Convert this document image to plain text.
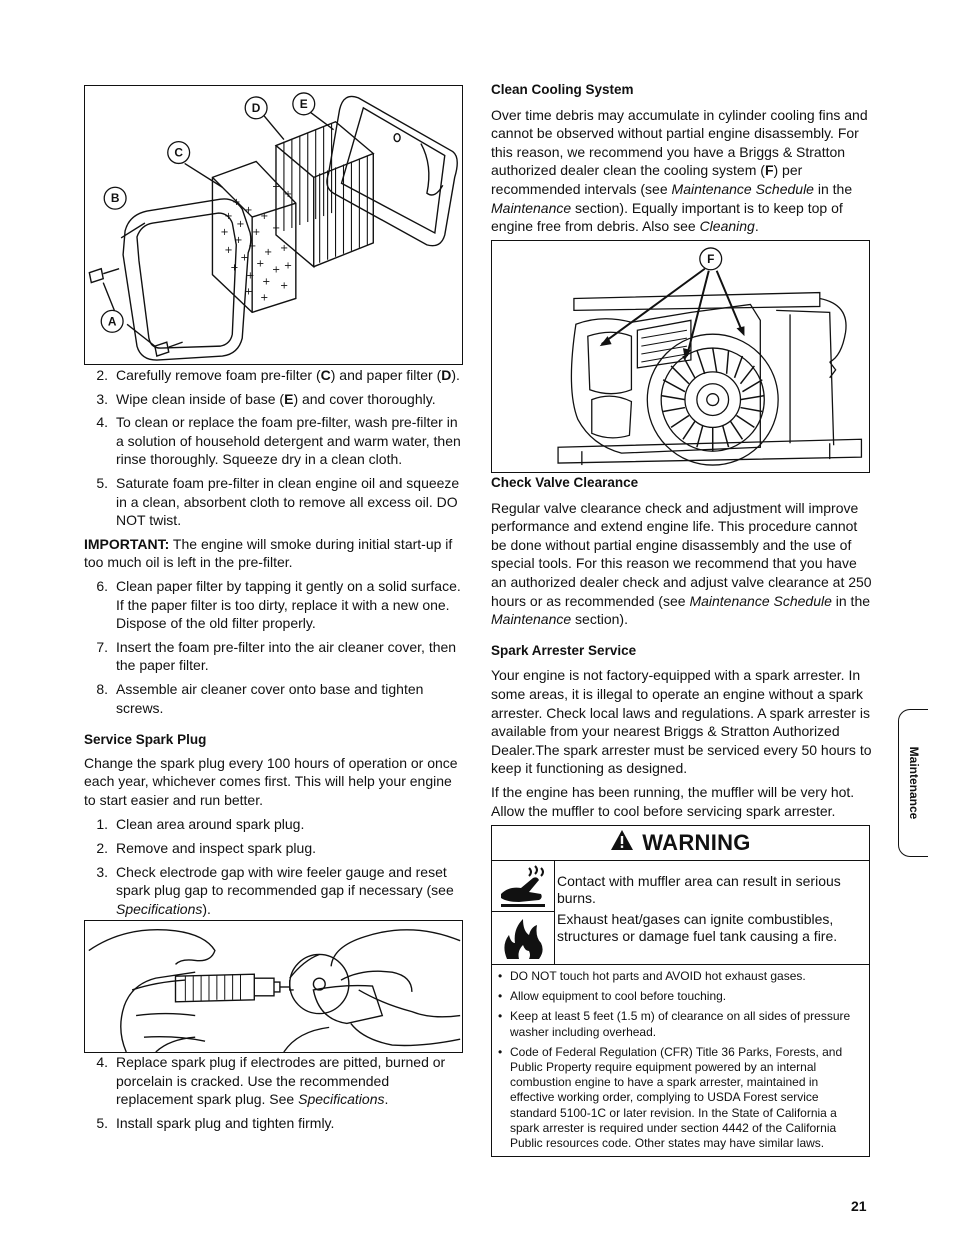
+
+
+
+
+
+ +
+
+
+
+ +
+
+
+
+ +
+
+
+ +
+
+
+
+
A
B
C
D	E
2. Carefully remove foam pre-filter (C) and paper filter (D).
3. Wipe clean inside of base (E) and cover thoroughly.
4. To clean or replace the foam pre-filter, wash pre-filter in a solution of household detergent and warm water, then rinse thoroughly. Squeeze dry in a clean cloth.
5. Saturate foam pre-filter in clean engine oil and squeeze in a clean, absorbent cloth to remove all excess oil. DO NOT twist.

IMPORTANT: The engine will smoke during initial start-up if too much oil is left in the pre-filter.

6. Clean paper filter by tapping it gently on a solid surface. If the paper filter is too dirty, replace it with a new one. Dispose of the old filter properly.
7. Insert the foam pre-filter into the air cleaner cover, then the paper filter.
8. Assemble air cleaner cover onto base and tighten screws.

Service Spark Plug

Change the spark plug every 100 hours of operation or once each year, whichever comes first. This will help your engine to start easier and run better.

1. Clean area around spark plug.
2. Remove and inspect spark plug.
3. Check electrode gap with wire feeler gauge and reset spark plug gap to recommended gap if necessary (see Specifications).
4. Replace spark plug if electrodes are pitted, burned or porcelain is cracked. Use the recommended replacement spark plug. See Specifications.
5. Install spark plug and tighten firmly.

Clean Cooling System

Over time debris may accumulate in cylinder cooling fins and cannot be observed without partial engine disassembly. For this reason, we recommend you have a Briggs & Stratton authorized dealer clean the cooling system (F) per recommended intervals (see Maintenance Schedule in the Maintenance section). Equally important is to keep top of engine free from debris. Also see Cleaning.

F

Check Valve Clearance

Regular valve clearance check and adjustment will improve performance and extend engine life. This procedure cannot be done without partial engine disassembly and the use of special tools. For this reason we recommend that you have an authorized dealer check and adjust valve clearance at 250 hours or as recommended (see Maintenance Schedule in the Maintenance section).

Spark Arrester Service

Your engine is not factory-equipped with a spark arrester. In some areas, it is illegal to operate an engine without a spark arrester. Check local laws and regulations. A spark arrester is available from your nearest Briggs & Stratton Authorized Dealer.The spark arrester must be serviced every 50 hours to keep it functioning as designed.

If the engine has been running, the muffler will be very hot. Allow the muffler to cool before servicing spark arrester.

WARNING

Contact with muffler area can result in serious burns.

Exhaust heat/gases can ignite combustibles, structures or damage fuel tank causing a fire.

• DO NOT touch hot parts and AVOID hot exhaust gases.
• Allow equipment to cool before touching.
• Keep at least 5 feet (1.5 m) of clearance on all sides of pressure washer including overhead.
• Code of Federal Regulation (CFR) Title 36 Parks, Forests, and Public Property require equipment powered by an internal combustion engine to have a spark arrester, maintained in effective working order, complying to USDA Forest service standard 5100-1C or later revision. In the State of California a spark arrester is required under section 4442 of the California Public resources code. Other states may have similar laws.
Maintenance
21
